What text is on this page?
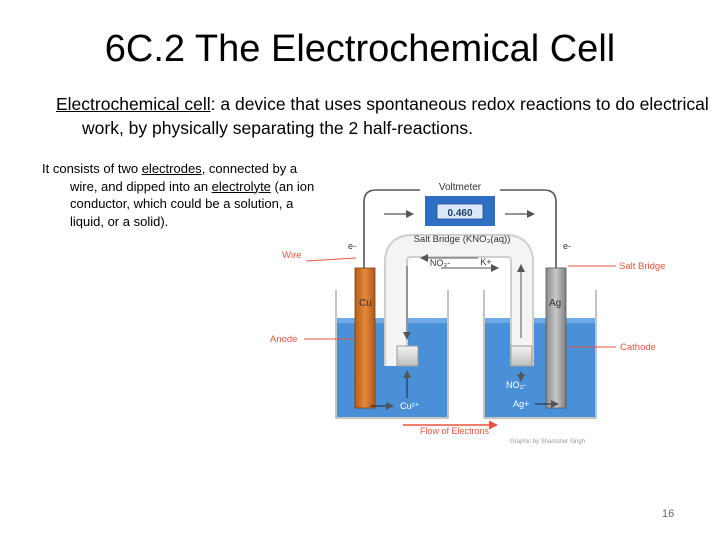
6C.2 The Electrochemical Cell
Electrochemical cell: a device that uses spontaneous redox reactions to do electrical work, by physically separating the 2 half-reactions.
It consists of two electrodes, connected by a wire, and dipped into an electrolyte (an ion conductor, which could be a solution, a liquid, or a solid).
Voltmeter
0.460
Salt Bridge (KNO₃(aq))
e-	e-
NO₃-	K+
Cu	Ag
Cu²⁺
NO₃-
Ag+
Wire
Salt Bridge
Anode
Cathode
Flow of Electrons
Graphic by Shamsher Singh
16
